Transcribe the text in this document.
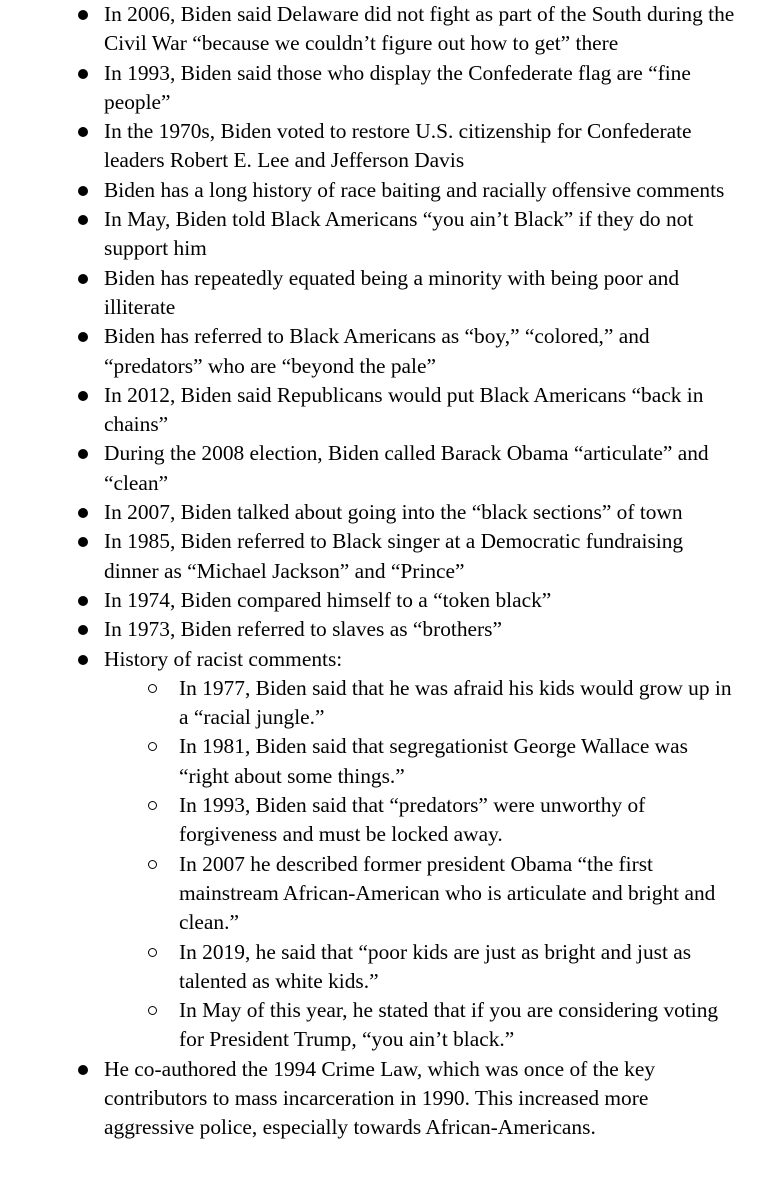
In 2006, Biden said Delaware did not fight as part of the South during the Civil War “because we couldn’t figure out how to get” there
In 1993, Biden said those who display the Confederate flag are “fine people”
In the 1970s, Biden voted to restore U.S. citizenship for Confederate leaders Robert E. Lee and Jefferson Davis
Biden has a long history of race baiting and racially offensive comments
In May, Biden told Black Americans “you ain’t Black” if they do not support him
Biden has repeatedly equated being a minority with being poor and illiterate
Biden has referred to Black Americans as “boy,” “colored,” and “predators” who are “beyond the pale”
In 2012, Biden said Republicans would put Black Americans “back in chains”
During the 2008 election, Biden called Barack Obama “articulate” and “clean”
In 2007, Biden talked about going into the “black sections” of town
In 1985, Biden referred to Black singer at a Democratic fundraising dinner as “Michael Jackson” and “Prince”
In 1974, Biden compared himself to a “token black”
In 1973, Biden referred to slaves as “brothers”
History of racist comments:
In 1977, Biden said that he was afraid his kids would grow up in a “racial jungle.”
In 1981, Biden said that segregationist George Wallace was “right about some things.”
In 1993, Biden said that “predators” were unworthy of forgiveness and must be locked away.
In 2007 he described former president Obama “the first mainstream African-American who is articulate and bright and clean.”
In 2019, he said that “poor kids are just as bright and just as talented as white kids.”
In May of this year, he stated that if you are considering voting for President Trump, “you ain’t black.”
He co-authored the 1994 Crime Law, which was once of the key contributors to mass incarceration in 1990. This increased more aggressive police, especially towards African-Americans.
